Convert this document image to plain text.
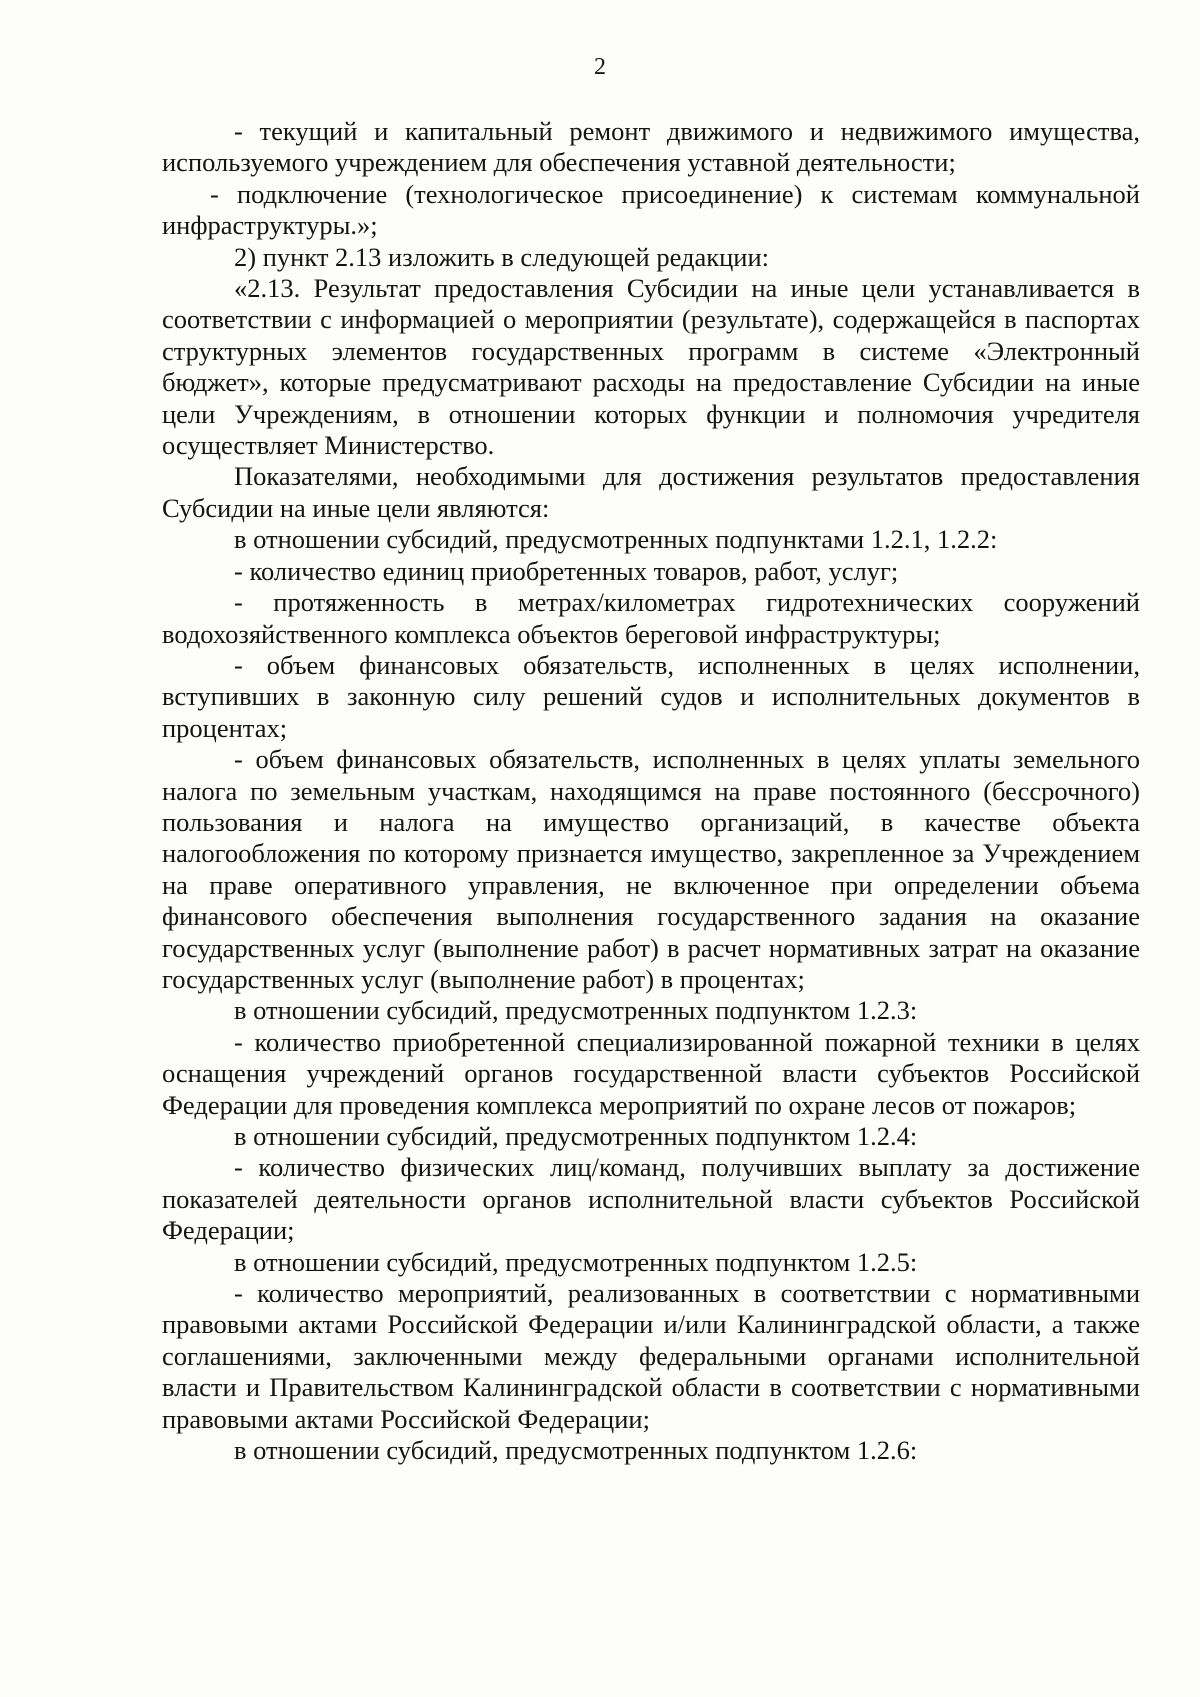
2

- текущий и капитальный ремонт движимого и недвижимого имущества, используемого учреждением для обеспечения уставной деятельности;

- подключение (технологическое присоединение) к системам коммунальной инфраструктуры.»;

2) пункт 2.13 изложить в следующей редакции:

«2.13. Результат предоставления Субсидии на иные цели устанавливается в соответствии с информацией о мероприятии (результате), содержащейся в паспортах структурных элементов государственных программ в системе «Электронный бюджет», которые предусматривают расходы на предоставление Субсидии на иные цели Учреждениям, в отношении которых функции и полномочия учредителя осуществляет Министерство.

Показателями, необходимыми для достижения результатов предоставления Субсидии на иные цели являются:

в отношении субсидий, предусмотренных подпунктами 1.2.1, 1.2.2:

- количество единиц приобретенных товаров, работ, услуг;

- протяженность в метрах/километрах гидротехнических сооружений водохозяйственного комплекса объектов береговой инфраструктуры;

- объем финансовых обязательств, исполненных в целях исполнении, вступивших в законную силу решений судов и исполнительных документов в процентах;

- объем финансовых обязательств, исполненных в целях уплаты земельного налога по земельным участкам, находящимся на праве постоянного (бессрочного) пользования и налога на имущество организаций, в качестве объекта налогообложения по которому признается имущество, закрепленное за Учреждением на праве оперативного управления, не включенное при определении объема финансового обеспечения выполнения государственного задания на оказание государственных услуг (выполнение работ) в расчет нормативных затрат на оказание государственных услуг (выполнение работ) в процентах;

в отношении субсидий, предусмотренных подпунктом 1.2.3:

- количество приобретенной специализированной пожарной техники в целях оснащения учреждений органов государственной власти субъектов Российской Федерации для проведения комплекса мероприятий по охране лесов от пожаров;

в отношении субсидий, предусмотренных подпунктом 1.2.4:

- количество физических лиц/команд, получивших выплату за достижение показателей деятельности органов исполнительной власти субъектов Российской Федерации;

в отношении субсидий, предусмотренных подпунктом 1.2.5:

- количество мероприятий, реализованных в соответствии с нормативными правовыми актами Российской Федерации и/или Калининградской области, а также соглашениями, заключенными между федеральными органами исполнительной власти и Правительством Калининградской области в соответствии с нормативными правовыми актами Российской Федерации;

в отношении субсидий, предусмотренных подпунктом 1.2.6:
